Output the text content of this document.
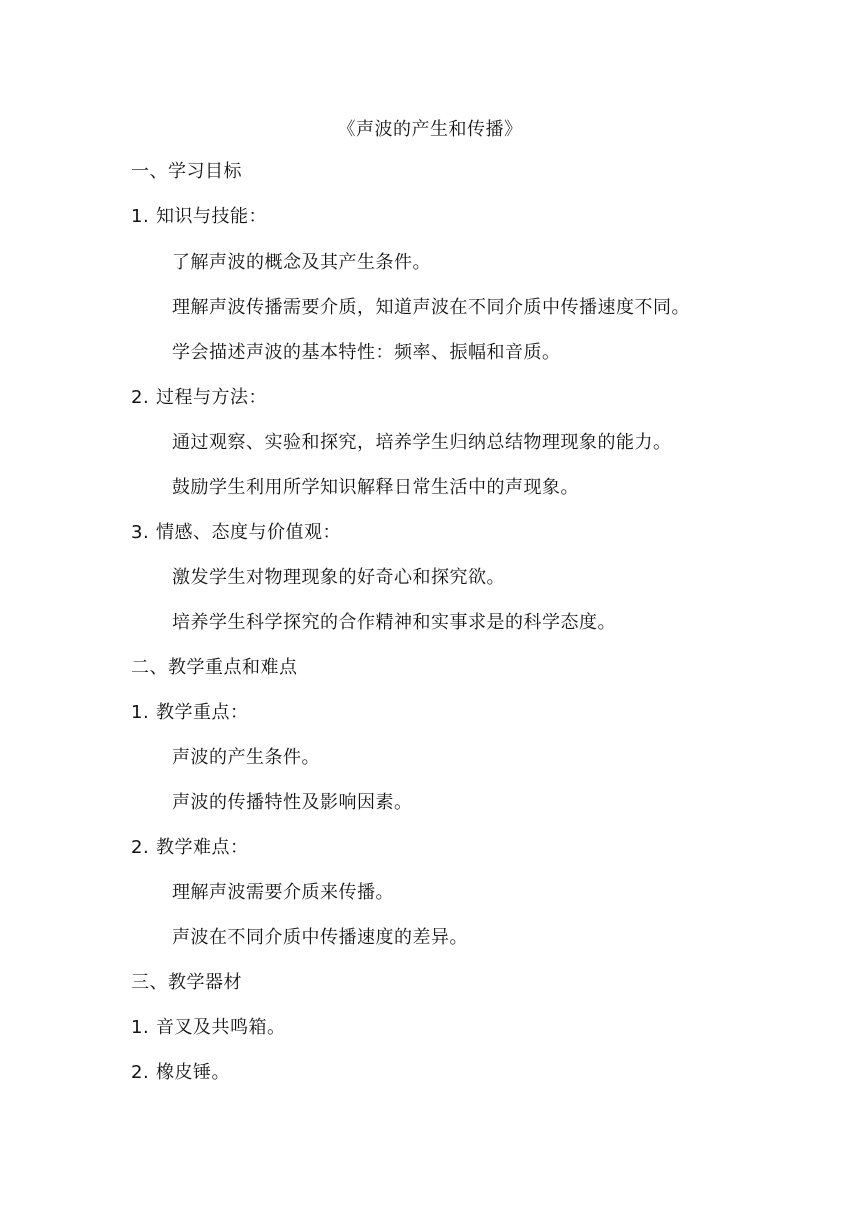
《声波的产生和传播》
一、学习目标
1. 知识与技能：
了解声波的概念及其产生条件。
理解声波传播需要介质，知道声波在不同介质中传播速度不同。
学会描述声波的基本特性：频率、振幅和音质。
2. 过程与方法：
通过观察、实验和探究，培养学生归纳总结物理现象的能力。
鼓励学生利用所学知识解释日常生活中的声现象。
3. 情感、态度与价值观：
激发学生对物理现象的好奇心和探究欲。
培养学生科学探究的合作精神和实事求是的科学态度。
二、教学重点和难点
1. 教学重点：
声波的产生条件。
声波的传播特性及影响因素。
2. 教学难点：
理解声波需要介质来传播。
声波在不同介质中传播速度的差异。
三、教学器材
1. 音叉及共鸣箱。
2. 橡皮锤。
